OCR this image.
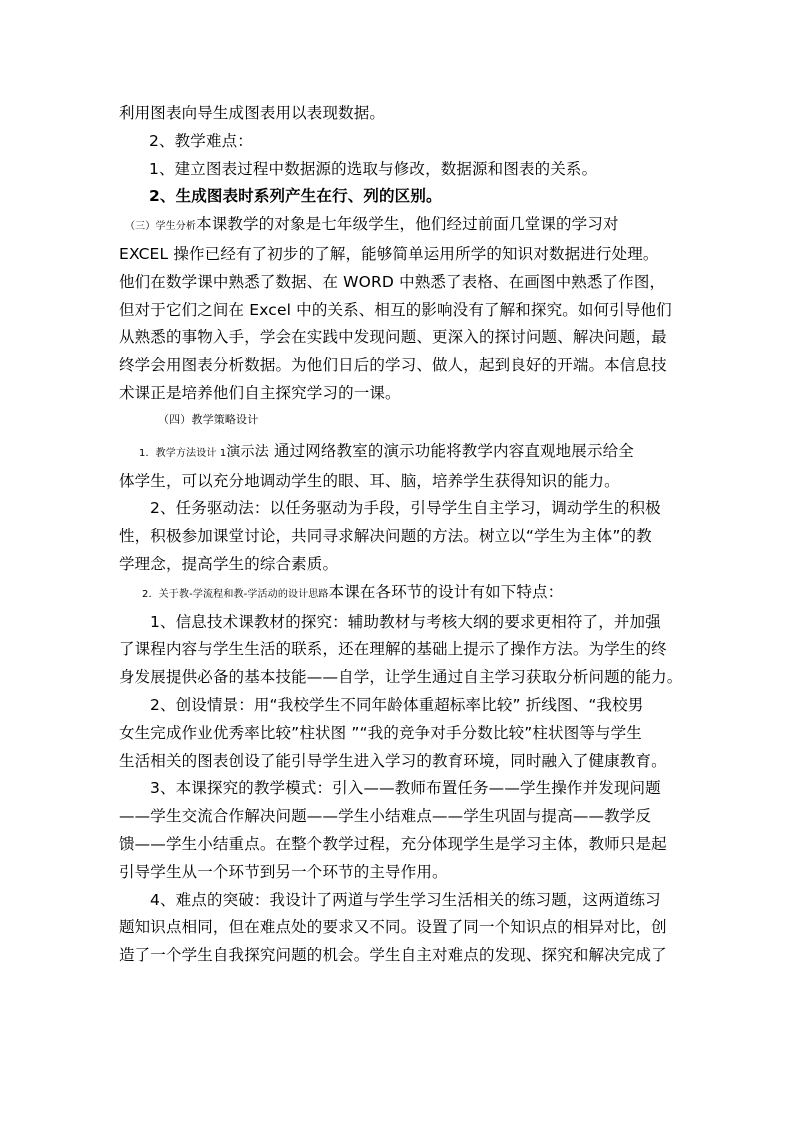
利用图表向导生成图表用以表现数据。
2、教学难点：
1、建立图表过程中数据源的选取与修改，数据源和图表的关系。
2、生成图表时系列产生在行、列的区别。
（三）学生分析本课教学的对象是七年级学生，他们经过前面几堂课的学习对
EXCEL 操作已经有了初步的了解，能够简单运用所学的知识对数据进行处理。
他们在数学课中熟悉了数据、在 WORD 中熟悉了表格、在画图中熟悉了作图，
但对于它们之间在 Excel 中的关系、相互的影响没有了解和探究。如何引导他们
从熟悉的事物入手，学会在实践中发现问题、更深入的探讨问题、解决问题，最
终学会用图表分析数据。为他们日后的学习、做人，起到良好的开端。本信息技
术课正是培养他们自主探究学习的一课。
（四）教学策略设计
1．教学方法设计 1演示法 通过网络教室的演示功能将教学内容直观地展示给全
体学生，可以充分地调动学生的眼、耳、脑，培养学生获得知识的能力。
2、任务驱动法：以任务驱动为手段，引导学生自主学习，调动学生的积极
性，积极参加课堂讨论，共同寻求解决问题的方法。树立以“学生为主体”的教
学理念，提高学生的综合素质。
2．关于教-学流程和教-学活动的设计思路本课在各环节的设计有如下特点：
1、信息技术课教材的探究：辅助教材与考核大纲的要求更相符了，并加强
了课程内容与学生生活的联系，还在理解的基础上提示了操作方法。为学生的终
身发展提供必备的基本技能——自学，让学生通过自主学习获取分析问题的能力。
2、创设情景：用“我校学生不同年龄体重超标率比较” 折线图、“我校男
女生完成作业优秀率比较”柱状图 ”“我的竞争对手分数比较”柱状图等与学生
生活相关的图表创设了能引导学生进入学习的教育环境，同时融入了健康教育。
3、本课探究的教学模式：引入——教师布置任务——学生操作并发现问题
——学生交流合作解决问题——学生小结难点——学生巩固与提高——教学反
馈——学生小结重点。在整个教学过程，充分体现学生是学习主体，教师只是起
引导学生从一个环节到另一个环节的主导作用。
4、难点的突破：我设计了两道与学生学习生活相关的练习题，这两道练习
题知识点相同，但在难点处的要求又不同。设置了同一个知识点的相异对比，创
造了一个学生自我探究问题的机会。学生自主对难点的发现、探究和解决完成了
